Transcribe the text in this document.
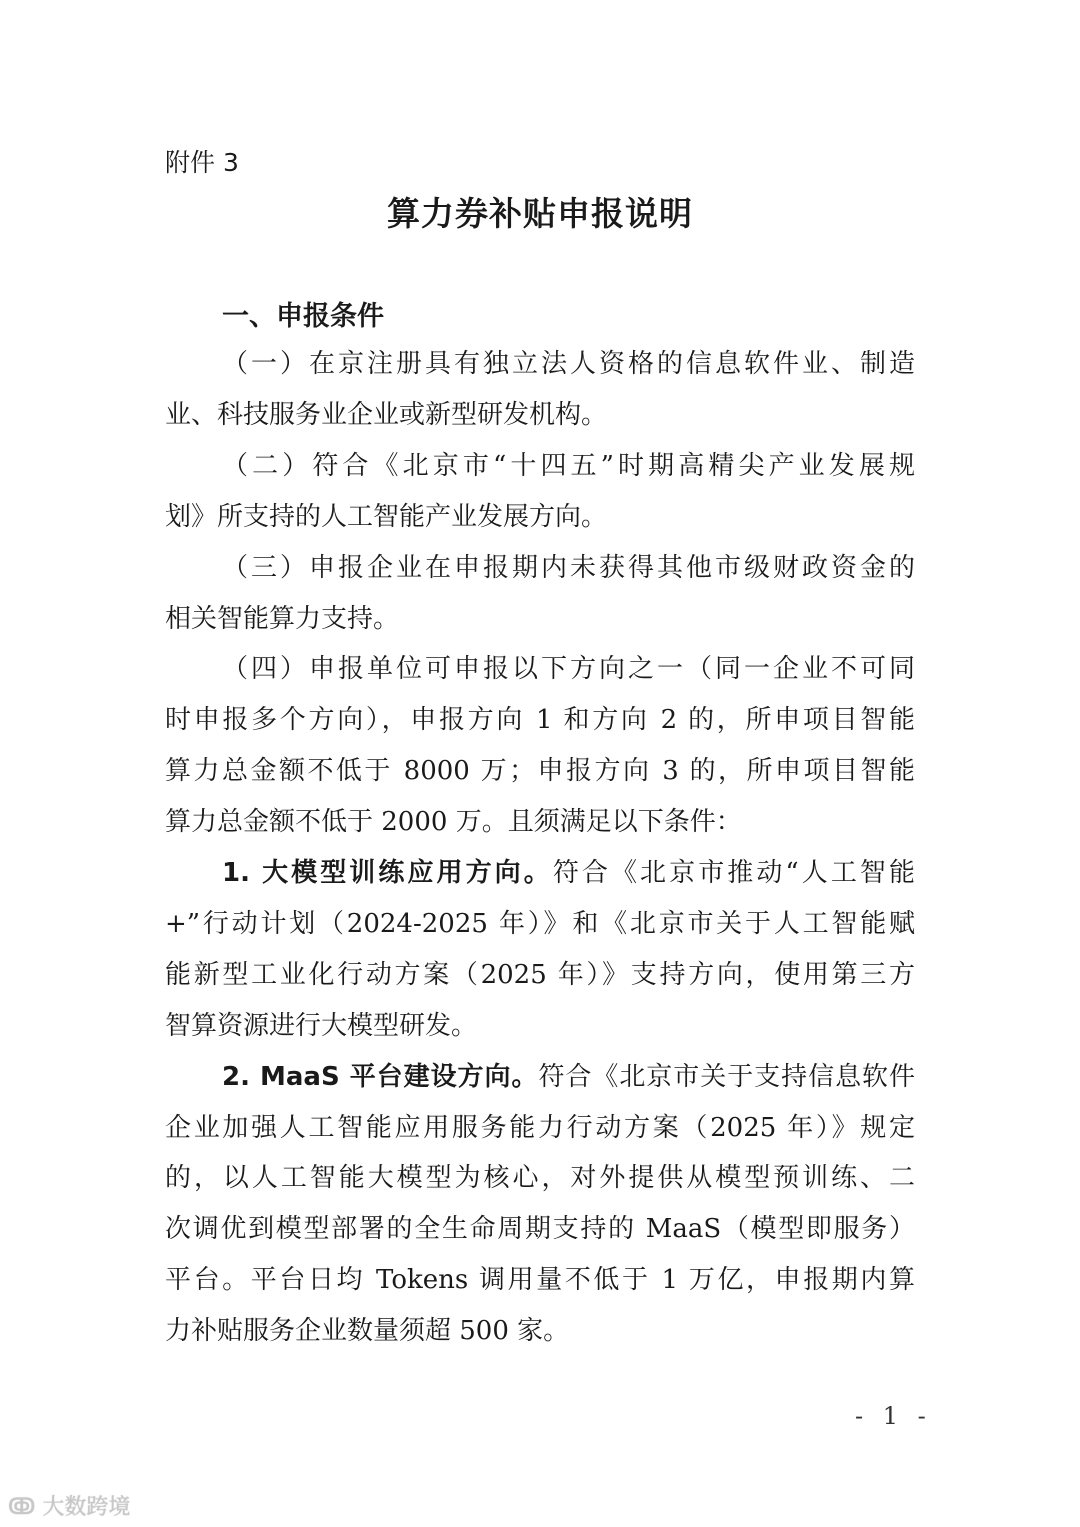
附件 3
算力券补贴申报说明
一、申报条件
（一）在京注册具有独立法人资格的信息软件业、制造
业、科技服务业企业或新型研发机构。
（二）符合《北京市“十四五”时期高精尖产业发展规
划》所支持的人工智能产业发展方向。
（三）申报企业在申报期内未获得其他市级财政资金的
相关智能算力支持。
（四）申报单位可申报以下方向之一（同一企业不可同
时申报多个方向），申报方向 1 和方向 2 的，所申项目智能
算力总金额不低于 8000 万；申报方向 3 的，所申项目智能
算力总金额不低于 2000 万。且须满足以下条件：
1. 大模型训练应用方向。符合《北京市推动“人工智能
+”行动计划（2024-2025 年）》和《北京市关于人工智能赋
能新型工业化行动方案（2025 年）》支持方向，使用第三方
智算资源进行大模型研发。
2. MaaS 平台建设方向。符合《北京市关于支持信息软件
企业加强人工智能应用服务能力行动方案（2025 年）》规定
的，以人工智能大模型为核心，对外提供从模型预训练、二
次调优到模型部署的全生命周期支持的 MaaS（模型即服务）
平台。平台日均 Tokens 调用量不低于 1 万亿，申报期内算
力补贴服务企业数量须超 500 家。
- 1 -
ↂ 大数跨境
